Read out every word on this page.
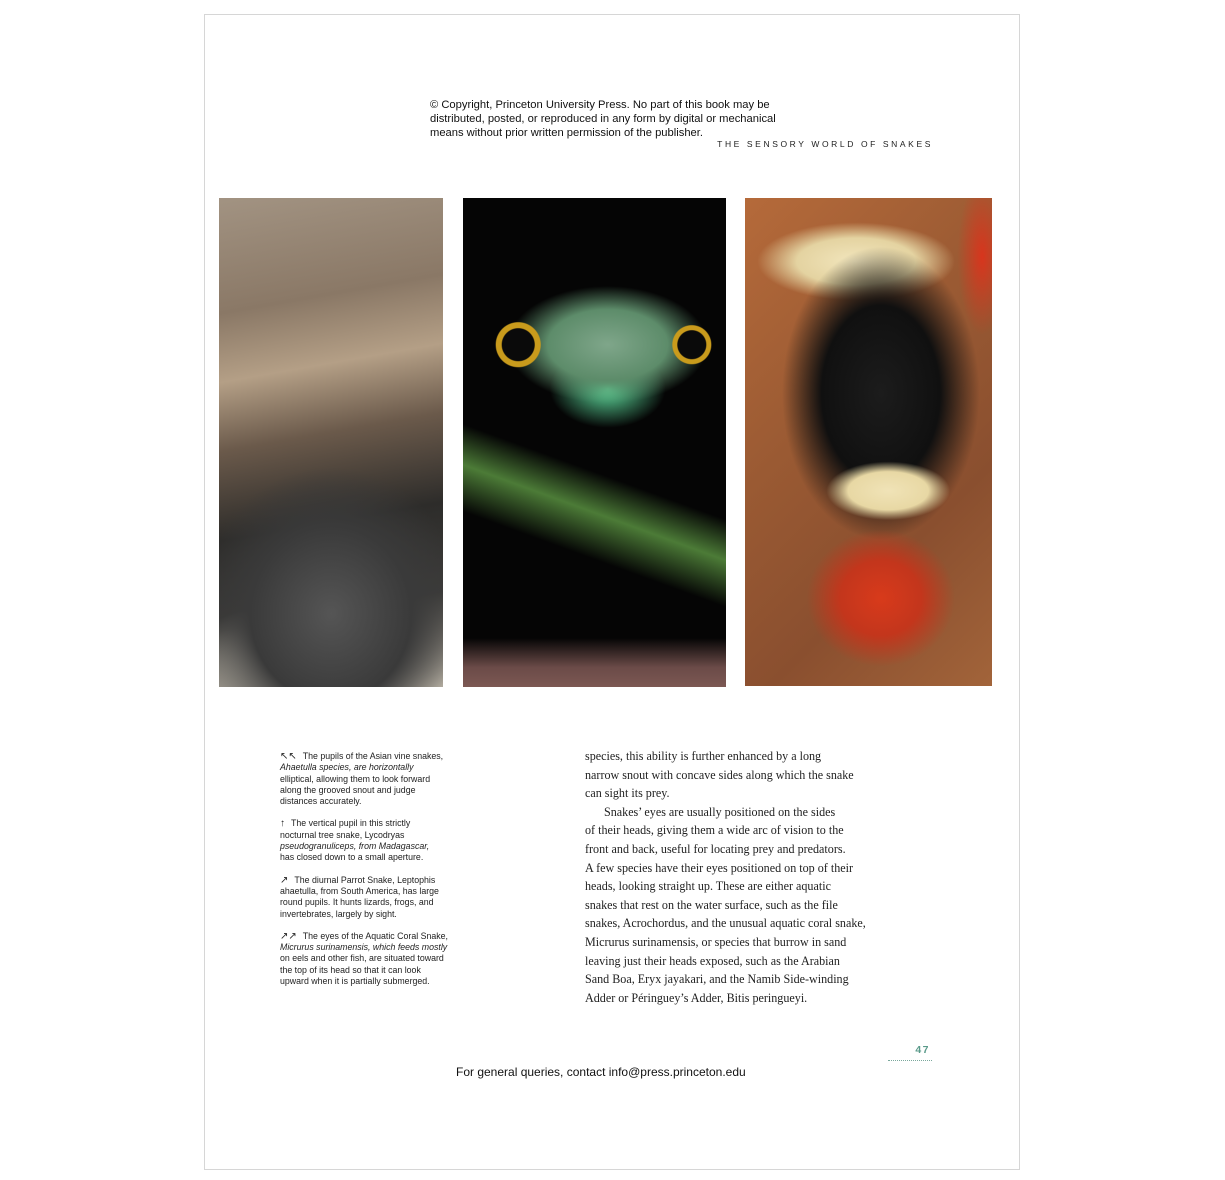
© Copyright, Princeton University Press. No part of this book may be
distributed, posted, or reproduced in any form by digital or mechanical
means without prior written permission of the publisher.
THE SENSORY WORLD OF SNAKES
↖↖ The pupils of the Asian vine snakes,
Ahaetulla species, are horizontally
elliptical, allowing them to look forward
along the grooved snout and judge
distances accurately.
↑ The vertical pupil in this strictly
nocturnal tree snake, Lycodryas
pseudogranuliceps, from Madagascar,
has closed down to a small aperture.
↗ The diurnal Parrot Snake, Leptophis
ahaetulla, from South America, has large
round pupils. It hunts lizards, frogs, and
invertebrates, largely by sight.
↗↗ The eyes of the Aquatic Coral Snake,
Micrurus surinamensis, which feeds mostly
on eels and other fish, are situated toward
the top of its head so that it can look
upward when it is partially submerged.
species, this ability is further enhanced by a long
narrow snout with concave sides along which the snake
can sight its prey.
Snakes’ eyes are usually positioned on the sides
of their heads, giving them a wide arc of vision to the
front and back, useful for locating prey and predators.
A few species have their eyes positioned on top of their
heads, looking straight up. These are either aquatic
snakes that rest on the water surface, such as the file
snakes, Acrochordus, and the unusual aquatic coral snake,
Micrurus surinamensis, or species that burrow in sand
leaving just their heads exposed, such as the Arabian
Sand Boa, Eryx jayakari, and the Namib Side-winding
Adder or Péringuey’s Adder, Bitis peringueyi.
47
For general queries, contact info@press.princeton.edu
